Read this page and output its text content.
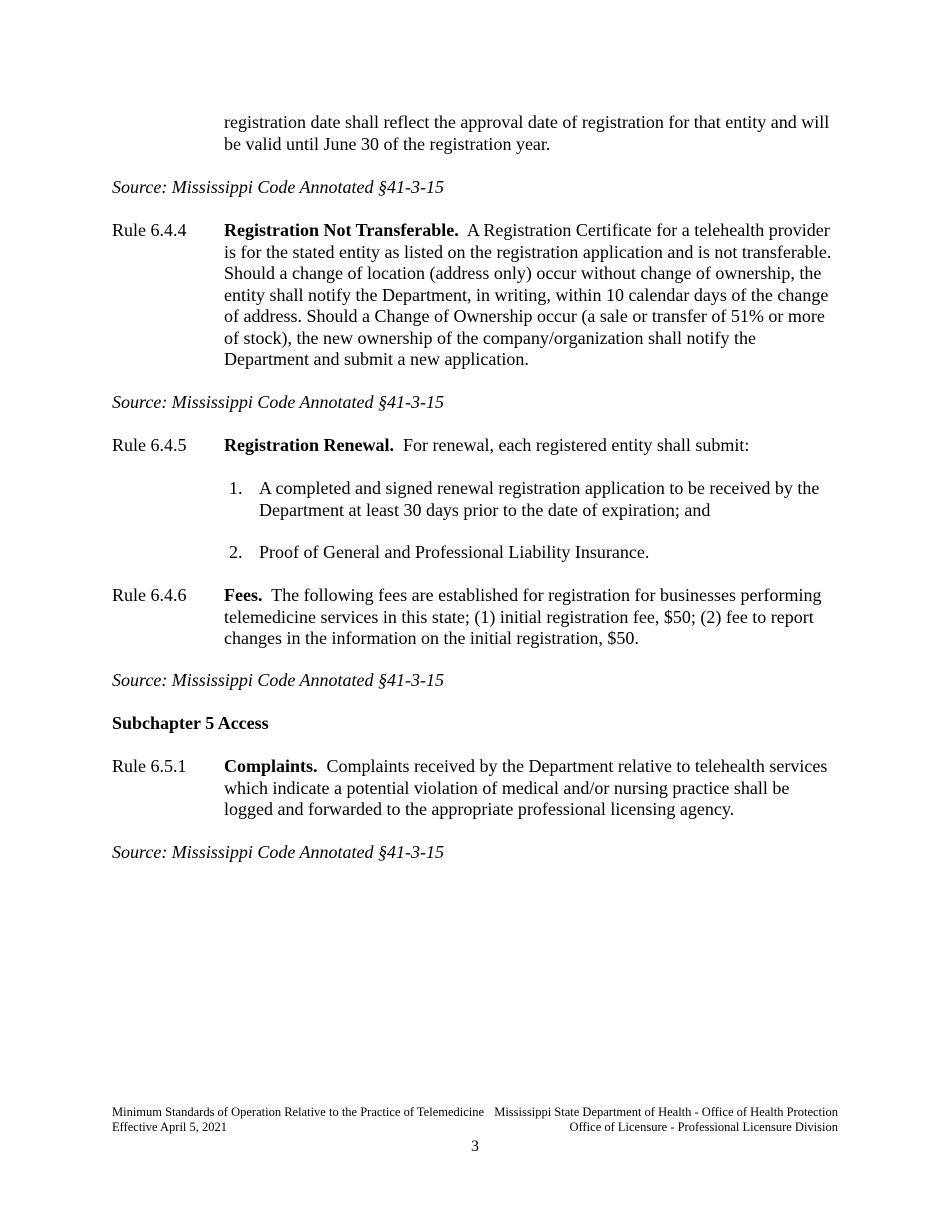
registration date shall reflect the approval date of registration for that entity and will be valid until June 30 of the registration year.

Source: Mississippi Code Annotated §41-3-15

Rule 6.4.4 Registration Not Transferable. A Registration Certificate for a telehealth provider is for the stated entity as listed on the registration application and is not transferable. Should a change of location (address only) occur without change of ownership, the entity shall notify the Department, in writing, within 10 calendar days of the change of address. Should a Change of Ownership occur (a sale or transfer of 51% or more of stock), the new ownership of the company/organization shall notify the Department and submit a new application.

Source: Mississippi Code Annotated §41-3-15

Rule 6.4.5 Registration Renewal. For renewal, each registered entity shall submit:

1. A completed and signed renewal registration application to be received by the Department at least 30 days prior to the date of expiration; and

2. Proof of General and Professional Liability Insurance.

Rule 6.4.6 Fees. The following fees are established for registration for businesses performing telemedicine services in this state; (1) initial registration fee, $50; (2) fee to report changes in the information on the initial registration, $50.

Source: Mississippi Code Annotated §41-3-15

Subchapter 5 Access

Rule 6.5.1 Complaints. Complaints received by the Department relative to telehealth services which indicate a potential violation of medical and/or nursing practice shall be logged and forwarded to the appropriate professional licensing agency.

Source: Mississippi Code Annotated §41-3-15

Minimum Standards of Operation Relative to the Practice of Telemedicine
Effective April 5, 2021
Mississippi State Department of Health - Office of Health Protection
Office of Licensure - Professional Licensure Division

3
